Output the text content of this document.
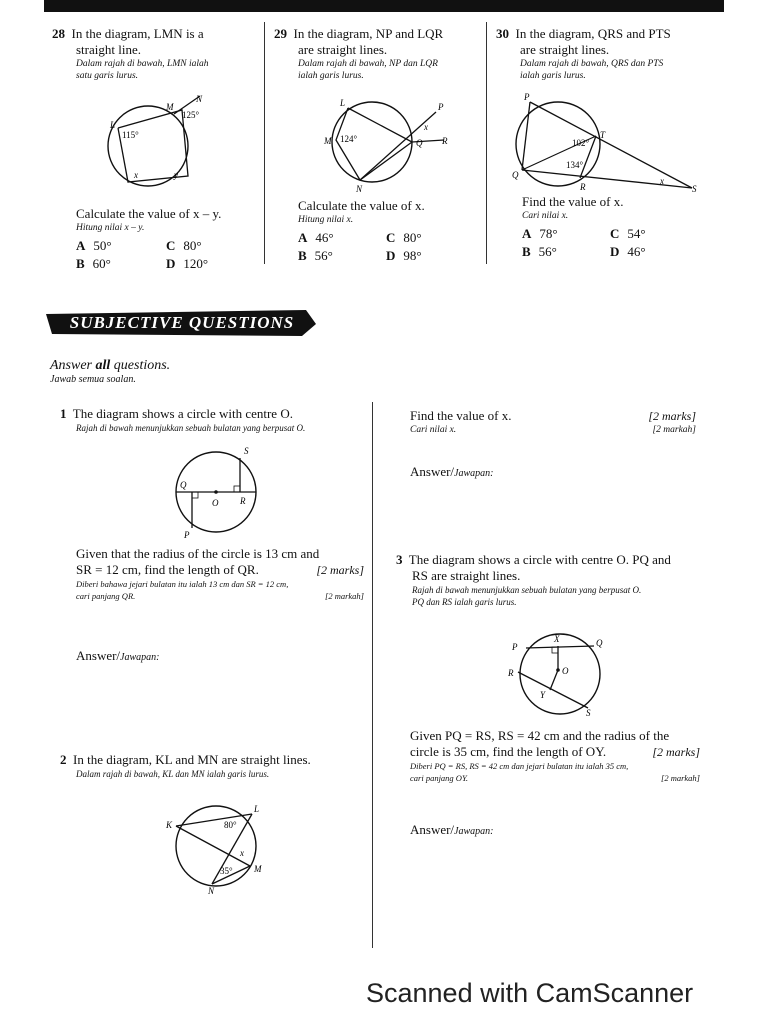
28 In the diagram, LMN is a
straight line.
Dalam rajah di bawah, LMN ialah
satu garis lurus.
L
M
N
125°
115°
x	y
Calculate the value of x – y.
Hitung nilai x – y.
A 50°	C 80°
B 60°	D 120°
29 In the diagram, NP and LQR
are straight lines.
Dalam rajah di bawah, NP dan LQR
ialah garis lurus.
L
M
N
P
Q R
124°
x
Calculate the value of x.
Hitung nilai x.
A 46°	C 80°
B 56°	D 98°
30 In the diagram, QRS and PTS
are straight lines.
Dalam rajah di bawah, QRS dan PTS
ialah garis lurus.
P
T
Q
R	S
102°
134°
x
Find the value of x.
Cari nilai x.
A 78°	C 54°
B 56°	D 46°
SUBJECTIVE QUESTIONS
Answer all questions.
Jawab semua soalan.
1 The diagram shows a circle with centre O.
Rajah di bawah menunjukkan sebuah bulatan yang berpusat O.
S
Q
O R
P
Given that the radius of the circle is 13 cm and
SR = 12 cm, find the length of QR.	[2 marks]
Diberi bahawa jejari bulatan itu ialah 13 cm dan SR = 12 cm,
cari panjang QR.	[2 markah]
Answer/Jawapan:
2 In the diagram, KL and MN are straight lines.
Dalam rajah di bawah, KL dan MN ialah garis lurus.
K
L
M
N
80°
35°
x
Find the value of x.	[2 marks]
Cari nilai x.	[2 markah]
Answer/Jawapan:
3 The diagram shows a circle with centre O. PQ and
RS are straight lines.
Rajah di bawah menunjukkan sebuah bulatan yang berpusat O.
PQ dan RS ialah garis lurus.
P
X	Q
R	O
Y
S
Given PQ = RS, RS = 42 cm and the radius of the
circle is 35 cm, find the length of OY.	[2 marks]
Diberi PQ = RS, RS = 42 cm dan jejari bulatan itu ialah 35 cm,
cari panjang OY.	[2 markah]
Answer/Jawapan:
Scanned with CamScanner
